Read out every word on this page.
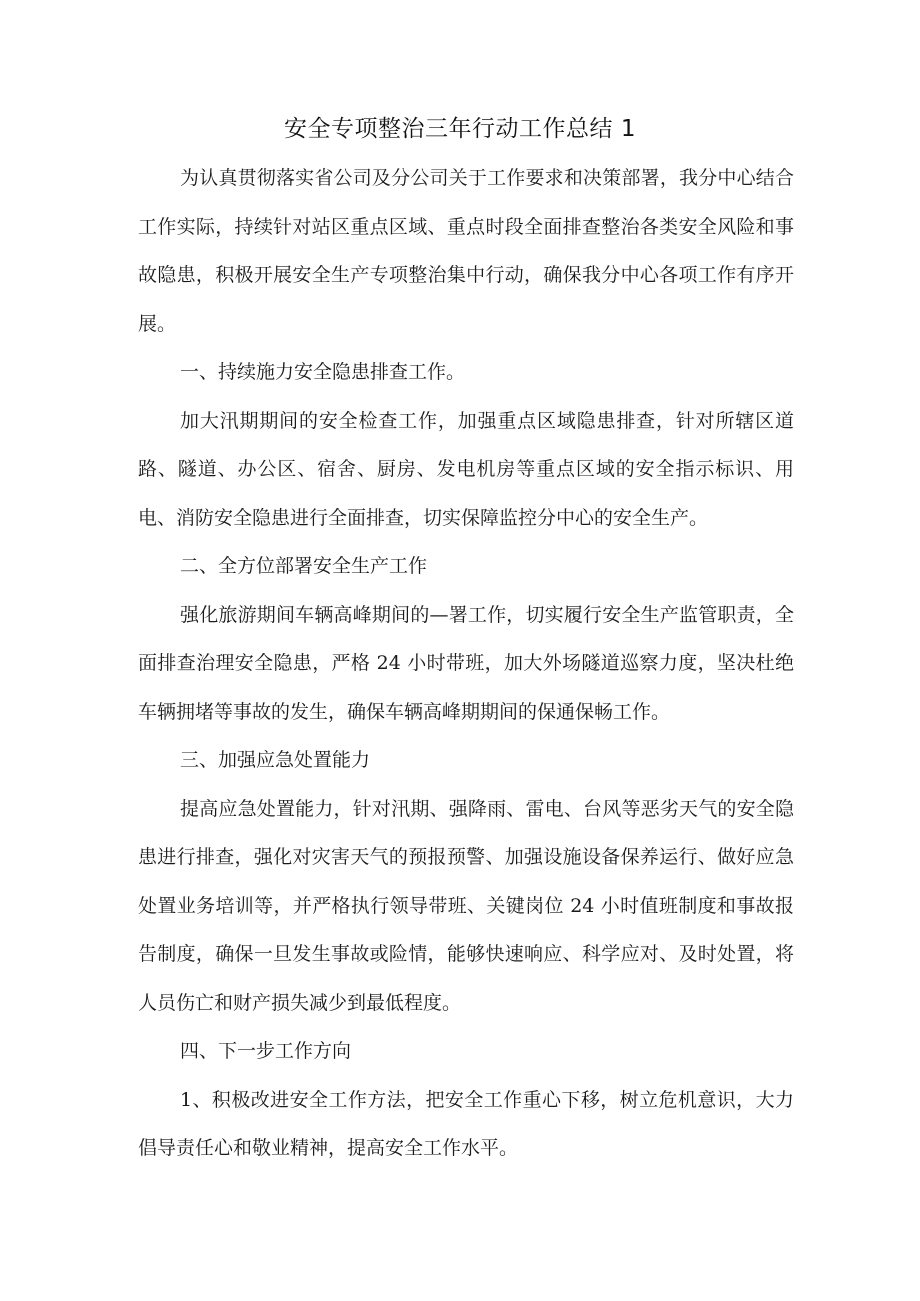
安全专项整治三年行动工作总结 1

为认真贯彻落实省公司及分公司关于工作要求和决策部署，我分中心结合工作实际，持续针对站区重点区域、重点时段全面排查整治各类安全风险和事故隐患，积极开展安全生产专项整治集中行动，确保我分中心各项工作有序开展。

一、持续施力安全隐患排查工作。

加大汛期期间的安全检查工作，加强重点区域隐患排查，针对所辖区道路、隧道、办公区、宿舍、厨房、发电机房等重点区域的安全指示标识、用电、消防安全隐患进行全面排查，切实保障监控分中心的安全生产。

二、全方位部署安全生产工作

强化旅游期间车辆高峰期间的—署工作，切实履行安全生产监管职责，全面排查治理安全隐患，严格 24 小时带班，加大外场隧道巡察力度，坚决杜绝车辆拥堵等事故的发生，确保车辆高峰期期间的保通保畅工作。

三、加强应急处置能力

提高应急处置能力，针对汛期、强降雨、雷电、台风等恶劣天气的安全隐患进行排查，强化对灾害天气的预报预警、加强设施设备保养运行、做好应急处置业务培训等，并严格执行领导带班、关键岗位 24 小时值班制度和事故报告制度，确保一旦发生事故或险情，能够快速响应、科学应对、及时处置，将人员伤亡和财产损失减少到最低程度。

四、下一步工作方向

1、积极改进安全工作方法，把安全工作重心下移，树立危机意识，大力倡导责任心和敬业精神，提高安全工作水平。
